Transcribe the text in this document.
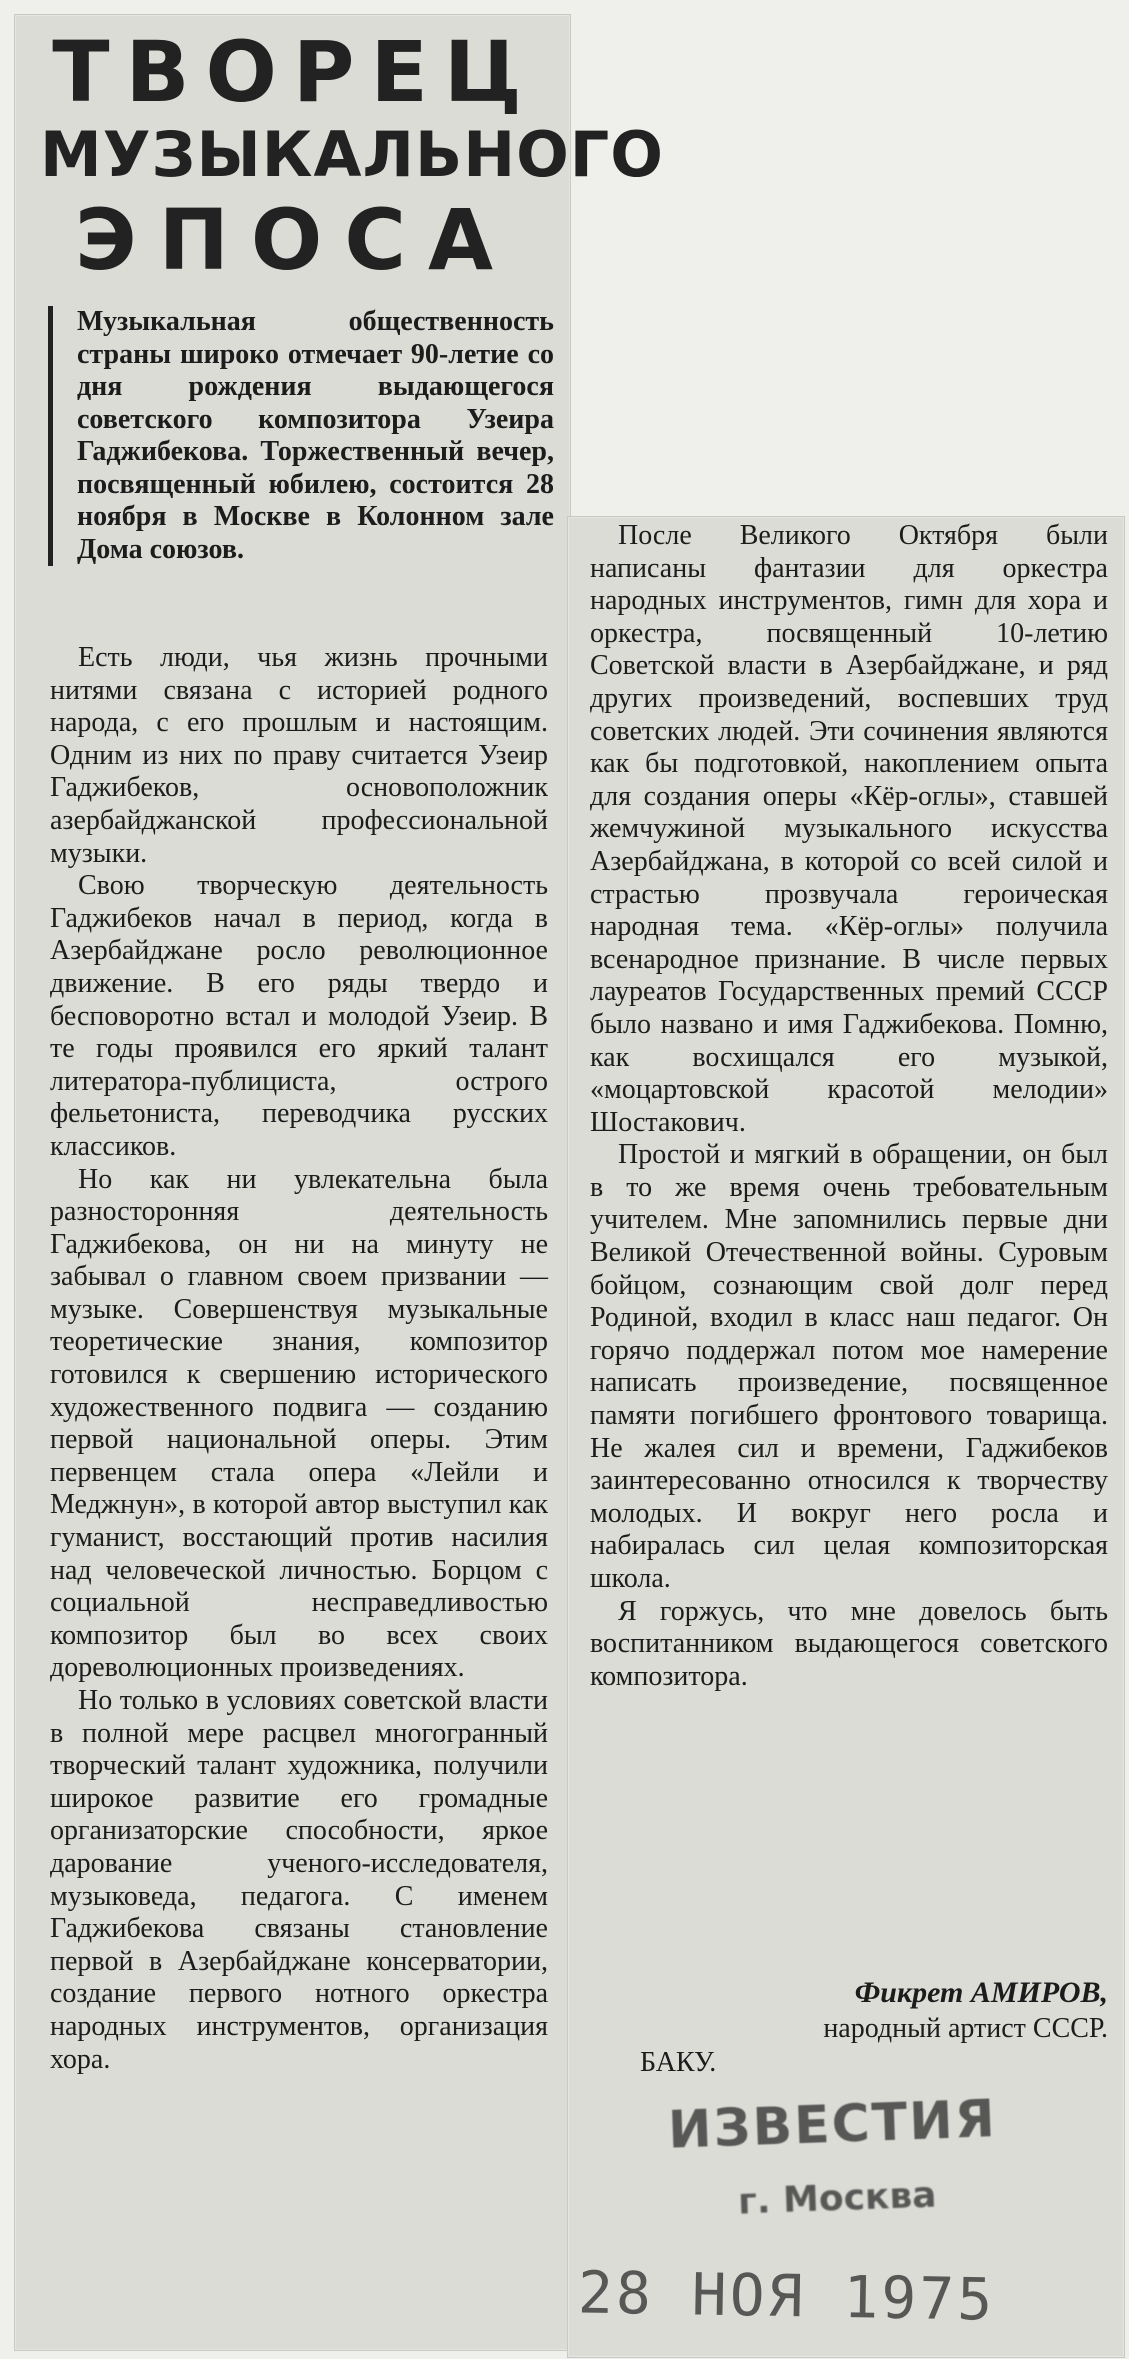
ТВОРЕЦ
МУЗЫКАЛЬНОГО
ЭПОСА

Музыкальная общественность страны широко отмечает 90-летие со дня рождения выдающегося советского композитора Узеира Гаджибекова. Торжественный вечер, посвященный юбилею, состоится 28 ноября в Москве в Колонном зале Дома союзов.

Есть люди, чья жизнь прочными нитями связана с историей родного народа, с его прошлым и настоящим. Одним из них по праву считается Узеир Гаджибеков, основоположник азербайджанской профессиональной музыки.

Свою творческую деятельность Гаджибеков начал в период, когда в Азербайджане росло революционное движение. В его ряды твердо и бесповоротно встал и молодой Узеир. В те годы проявился его яркий талант литератора-публициста, острого фельетониста, переводчика русских классиков.

Но как ни увлекательна была разносторонняя деятельность Гаджибекова, он ни на минуту не забывал о главном своем призвании — музыке. Совершенствуя музыкальные теоретические знания, композитор готовился к свершению исторического художественного подвига — созданию первой национальной оперы. Этим первенцем стала опера «Лейли и Меджнун», в которой автор выступил как гуманист, восстающий против насилия над человеческой личностью. Борцом с социальной несправедливостью композитор был во всех своих дореволюционных произведениях.

Но только в условиях советской власти в полной мере расцвел многогранный творческий талант художника, получили широкое развитие его громадные организаторские способности, яркое дарование ученого-исследователя, музыковеда, педагога. С именем Гаджибекова связаны становление первой в Азербайджане консерватории, создание первого нотного оркестра народных инструментов, организация хора.

После Великого Октября были написаны фантазии для оркестра народных инструментов, гимн для хора и оркестра, посвященный 10-летию Советской власти в Азербайджане, и ряд других произведений, воспевших труд советских людей. Эти сочинения являются как бы подготовкой, накоплением опыта для создания оперы «Кёр-оглы», ставшей жемчужиной музыкального искусства Азербайджана, в которой со всей силой и страстью прозвучала героическая народная тема. «Кёр-оглы» получила всенародное признание. В числе первых лауреатов Государственных премий СССР было названо и имя Гаджибекова. Помню, как восхищался его музыкой, «моцартовской красотой мелодии» Шостакович.

Простой и мягкий в обращении, он был в то же время очень требовательным учителем. Мне запомнились первые дни Великой Отечественной войны. Суровым бойцом, сознающим свой долг перед Родиной, входил в класс наш педагог. Он горячо поддержал потом мое намерение написать произведение, посвященное памяти погибшего фронтового товарища. Не жалея сил и времени, Гаджибеков заинтересованно относился к творчеству молодых. И вокруг него росла и набиралась сил целая композиторская школа.

Я горжусь, что мне довелось быть воспитанником выдающегося советского композитора.

Фикрет АМИРОВ,

народный артист СССР.

БАКУ.

ИЗВЕСТИЯ

г. Москва

28 НОЯ 1975
